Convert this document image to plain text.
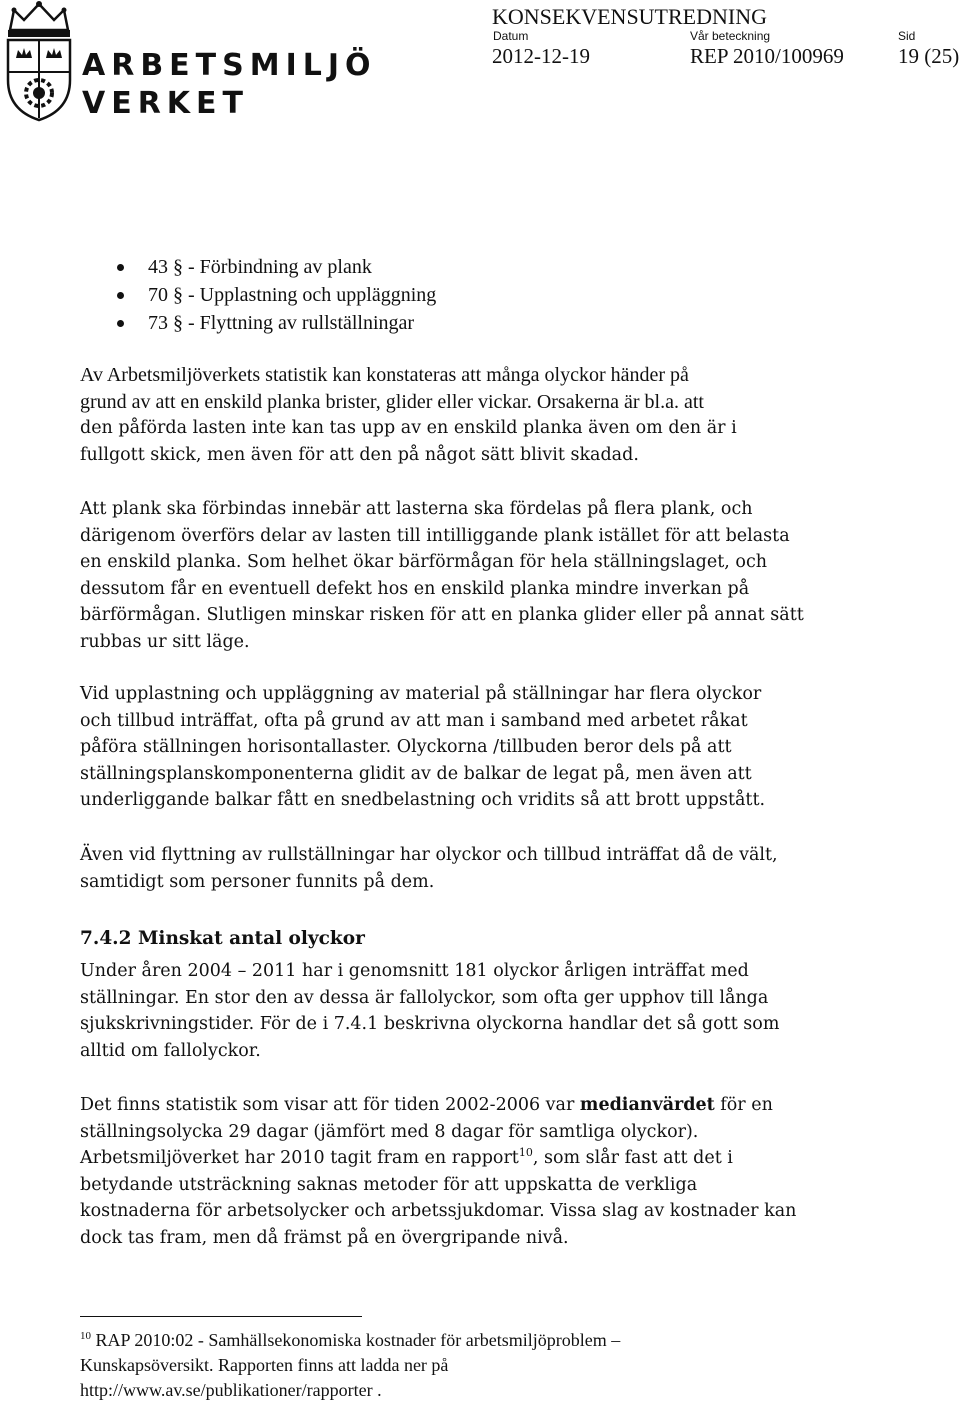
ARBETSMILJÖ
VERKET
KONSEKVENSUTREDNING
Datum	Vår beteckning	Sid
2012-12-19	REP 2010/100969	19 (25)
43 § - Förbindning av plank
70 § - Upplastning och uppläggning
73 § - Flyttning av rullställningar
Av Arbetsmiljöverkets statistik kan konstateras att många olyckor händer på
grund av att en enskild planka brister, glider eller vickar. Orsakerna är bl.a. att
den påförda lasten inte kan tas upp av en enskild planka även om den är i
fullgott skick, men även för att den på något sätt blivit skadad.
Att plank ska förbindas innebär att lasterna ska fördelas på flera plank, och
därigenom överförs delar av lasten till intilliggande plank istället för att belasta
en enskild planka. Som helhet ökar bärförmågan för hela ställningslaget, och
dessutom får en eventuell defekt hos en enskild planka mindre inverkan på
bärförmågan. Slutligen minskar risken för att en planka glider eller på annat sätt
rubbas ur sitt läge.
Vid upplastning och uppläggning av material på ställningar har flera olyckor
och tillbud inträffat, ofta på grund av att man i samband med arbetet råkat
påföra ställningen horisontallaster. Olyckorna /tillbuden beror dels på att
ställningsplanskomponenterna glidit av de balkar de legat på, men även att
underliggande balkar fått en snedbelastning och vridits så att brott uppstått.
Även vid flyttning av rullställningar har olyckor och tillbud inträffat då de vält,
samtidigt som personer funnits på dem.
7.4.2 Minskat antal olyckor
Under åren 2004 – 2011 har i genomsnitt 181 olyckor årligen inträffat med
ställningar. En stor den av dessa är fallolyckor, som ofta ger upphov till långa
sjukskrivningstider. För de i 7.4.1 beskrivna olyckorna handlar det så gott som
alltid om fallolyckor.
Det finns statistik som visar att för tiden 2002-2006 var medianvärdet för en
ställningsolycka 29 dagar (jämfört med 8 dagar för samtliga olyckor).
Arbetsmiljöverket har 2010 tagit fram en rapport$^{10}$, som slår fast att det i
betydande utsträckning saknas metoder för att uppskatta de verkliga
kostnaderna för arbetsolycker och arbetssjukdomar. Vissa slag av kostnader kan
dock tas fram, men då främst på en övergripande nivå.
$^{10}$ RAP 2010:02 - Samhällsekonomiska kostnader för arbetsmiljöproblem –
Kunskapsöversikt. Rapporten finns att ladda ner på
http://www.av.se/publikationer/rapporter .
